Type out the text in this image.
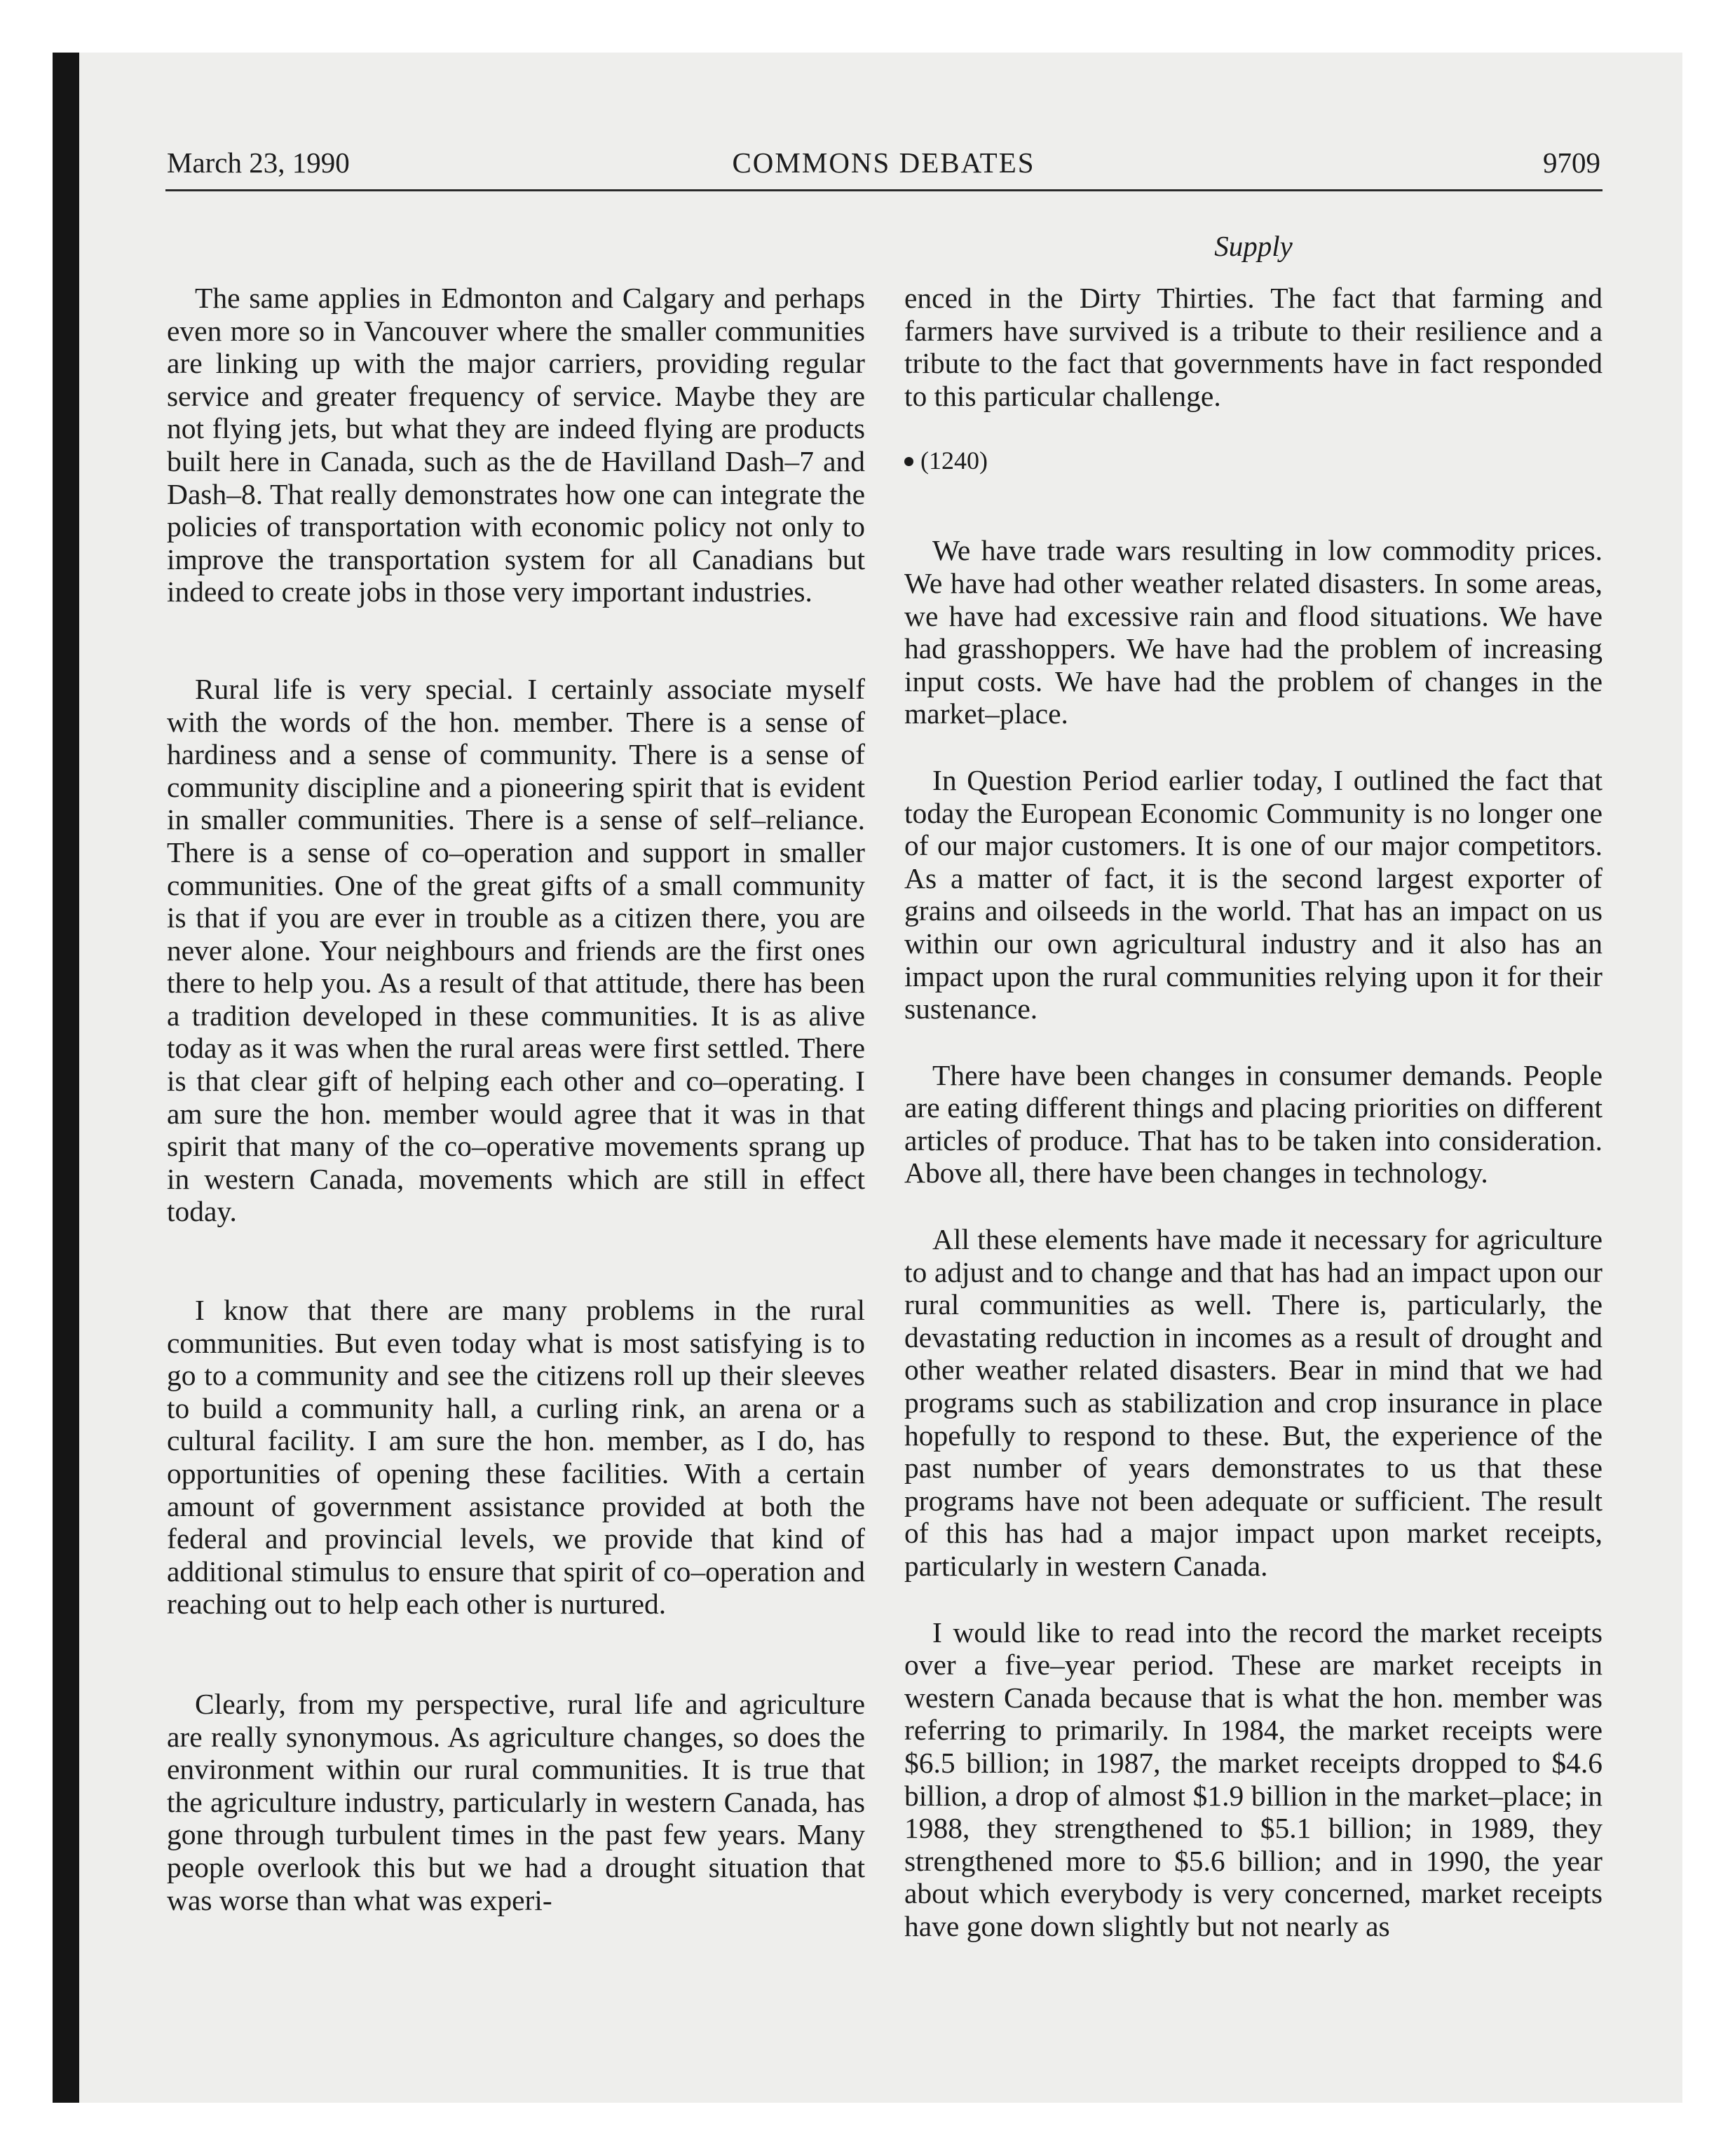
March 23, 1990	COMMONS DEBATES	9709
Supply

The same applies in Edmonton and Calgary and perhaps even more so in Vancouver where the smaller communities are linking up with the major carriers, providing regular service and greater frequency of service. Maybe they are not flying jets, but what they are indeed flying are products built here in Canada, such as the de Havilland Dash–7 and Dash–8. That really demonstrates how one can integrate the policies of transportation with economic policy not only to improve the transportation system for all Canadians but indeed to create jobs in those very important industries.

Rural life is very special. I certainly associate myself with the words of the hon. member. There is a sense of hardiness and a sense of community. There is a sense of community discipline and a pioneering spirit that is evident in smaller communities. There is a sense of self–reliance. There is a sense of co–operation and support in smaller communities. One of the great gifts of a small community is that if you are ever in trouble as a citizen there, you are never alone. Your neighbours and friends are the first ones there to help you. As a result of that attitude, there has been a tradition developed in these communities. It is as alive today as it was when the rural areas were first settled. There is that clear gift of helping each other and co–operating. I am sure the hon. member would agree that it was in that spirit that many of the co–operative movements sprang up in western Canada, movements which are still in effect today.

I know that there are many problems in the rural communities. But even today what is most satisfying is to go to a community and see the citizens roll up their sleeves to build a community hall, a curling rink, an arena or a cultural facility. I am sure the hon. member, as I do, has opportunities of opening these facilities. With a certain amount of government assistance provided at both the federal and provincial levels, we provide that kind of additional stimulus to ensure that spirit of co–operation and reaching out to help each other is nurtured.

Clearly, from my perspective, rural life and agriculture are really synonymous. As agriculture changes, so does the environment within our rural communities. It is true that the agriculture industry, particularly in western Canada, has gone through turbulent times in the past few years. Many people overlook this but we had a drought situation that was worse than what was experi-

enced in the Dirty Thirties. The fact that farming and farmers have survived is a tribute to their resilience and a tribute to the fact that governments have in fact responded to this particular challenge.

(1240)

We have trade wars resulting in low commodity prices. We have had other weather related disasters. In some areas, we have had excessive rain and flood situations. We have had grasshoppers. We have had the problem of increasing input costs. We have had the problem of changes in the market–place.

In Question Period earlier today, I outlined the fact that today the European Economic Community is no longer one of our major customers. It is one of our major competitors. As a matter of fact, it is the second largest exporter of grains and oilseeds in the world. That has an impact on us within our own agricultural industry and it also has an impact upon the rural communities relying upon it for their sustenance.

There have been changes in consumer demands. People are eating different things and placing priorities on different articles of produce. That has to be taken into consideration. Above all, there have been changes in technology.

All these elements have made it necessary for agriculture to adjust and to change and that has had an impact upon our rural communities as well. There is, particularly, the devastating reduction in incomes as a result of drought and other weather related disasters. Bear in mind that we had programs such as stabilization and crop insurance in place hopefully to respond to these. But, the experience of the past number of years demonstrates to us that these programs have not been adequate or sufficient. The result of this has had a major impact upon market receipts, particularly in western Canada.

I would like to read into the record the market receipts over a five–year period. These are market receipts in western Canada because that is what the hon. member was referring to primarily. In 1984, the market receipts were $6.5 billion; in 1987, the market receipts dropped to $4.6 billion, a drop of almost $1.9 billion in the market–place; in 1988, they strengthened to $5.1 billion; in 1989, they strengthened more to $5.6 billion; and in 1990, the year about which everybody is very concerned, market receipts have gone down slightly but not nearly as
